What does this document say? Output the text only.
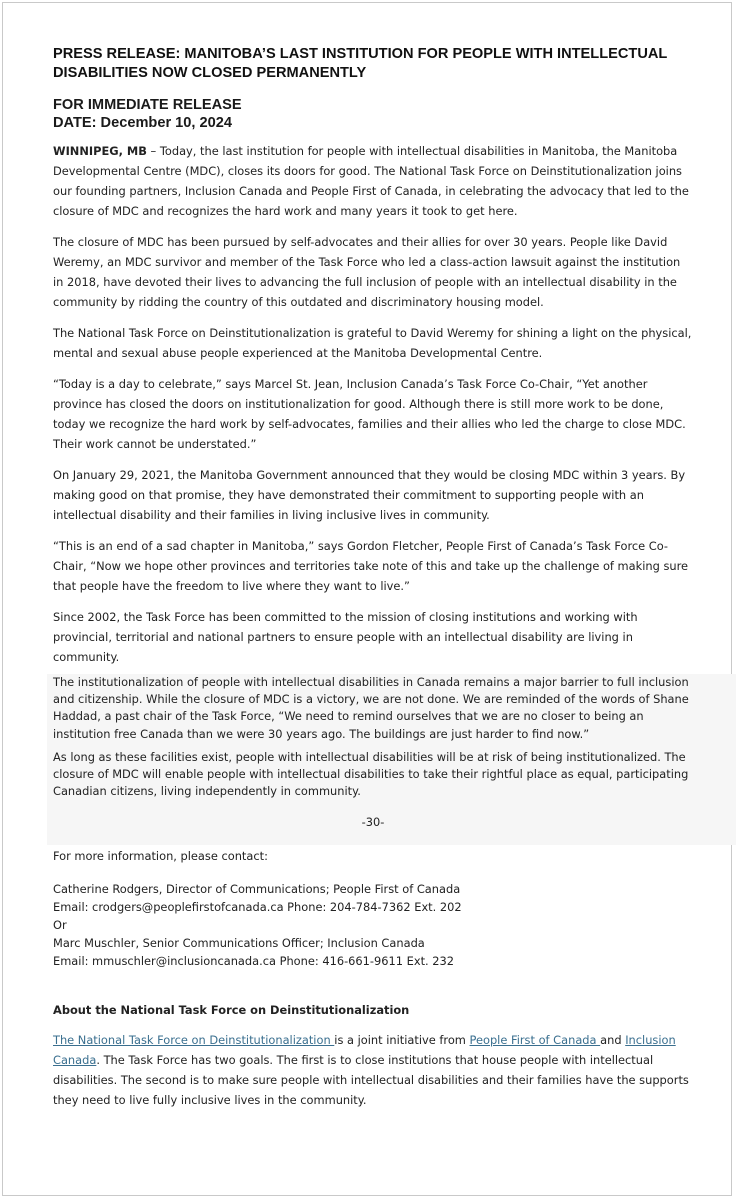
PRESS RELEASE: MANITOBA’S LAST INSTITUTION FOR PEOPLE WITH INTELLECTUAL DISABILITIES NOW CLOSED PERMANENTLY
FOR IMMEDIATE RELEASE
DATE: December 10, 2024

WINNIPEG, MB – Today, the last institution for people with intellectual disabilities in Manitoba, the Manitoba Developmental Centre (MDC), closes its doors for good. The National Task Force on Deinstitutionalization joins our founding partners, Inclusion Canada and People First of Canada, in celebrating the advocacy that led to the closure of MDC and recognizes the hard work and many years it took to get here.

The closure of MDC has been pursued by self-advocates and their allies for over 30 years. People like David Weremy, an MDC survivor and member of the Task Force who led a class-action lawsuit against the institution in 2018, have devoted their lives to advancing the full inclusion of people with an intellectual disability in the community by ridding the country of this outdated and discriminatory housing model.

The National Task Force on Deinstitutionalization is grateful to David Weremy for shining a light on the physical, mental and sexual abuse people experienced at the Manitoba Developmental Centre.

“Today is a day to celebrate,” says Marcel St. Jean, Inclusion Canada’s Task Force Co-Chair, “Yet another province has closed the doors on institutionalization for good. Although there is still more work to be done, today we recognize the hard work by self-advocates, families and their allies who led the charge to close MDC. Their work cannot be understated.”

On January 29, 2021, the Manitoba Government announced that they would be closing MDC within 3 years. By making good on that promise, they have demonstrated their commitment to supporting people with an intellectual disability and their families in living inclusive lives in community.

“This is an end of a sad chapter in Manitoba,” says Gordon Fletcher, People First of Canada’s Task Force Co-Chair, “Now we hope other provinces and territories take note of this and take up the challenge of making sure that people have the freedom to live where they want to live.”

Since 2002, the Task Force has been committed to the mission of closing institutions and working with provincial, territorial and national partners to ensure people with an intellectual disability are living in community.

The institutionalization of people with intellectual disabilities in Canada remains a major barrier to full inclusion and citizenship. While the closure of MDC is a victory, we are not done. We are reminded of the words of Shane Haddad, a past chair of the Task Force, “We need to remind ourselves that we are no closer to being an institution free Canada than we were 30 years ago. The buildings are just harder to find now.”

As long as these facilities exist, people with intellectual disabilities will be at risk of being institutionalized. The closure of MDC will enable people with intellectual disabilities to take their rightful place as equal, participating Canadian citizens, living independently in community.

-30-

For more information, please contact:

Catherine Rodgers, Director of Communications; People First of Canada

Email: crodgers@peoplefirstofcanada.ca Phone: 204-784-7362 Ext. 202

Or

Marc Muschler, Senior Communications Officer; Inclusion Canada

Email: mmuschler@inclusioncanada.ca Phone: 416-661-9611 Ext. 232

About the National Task Force on Deinstitutionalization

The National Task Force on Deinstitutionalization is a joint initiative from People First of Canada and Inclusion Canada. The Task Force has two goals. The first is to close institutions that house people with intellectual disabilities. The second is to make sure people with intellectual disabilities and their families have the supports they need to live fully inclusive lives in the community.
